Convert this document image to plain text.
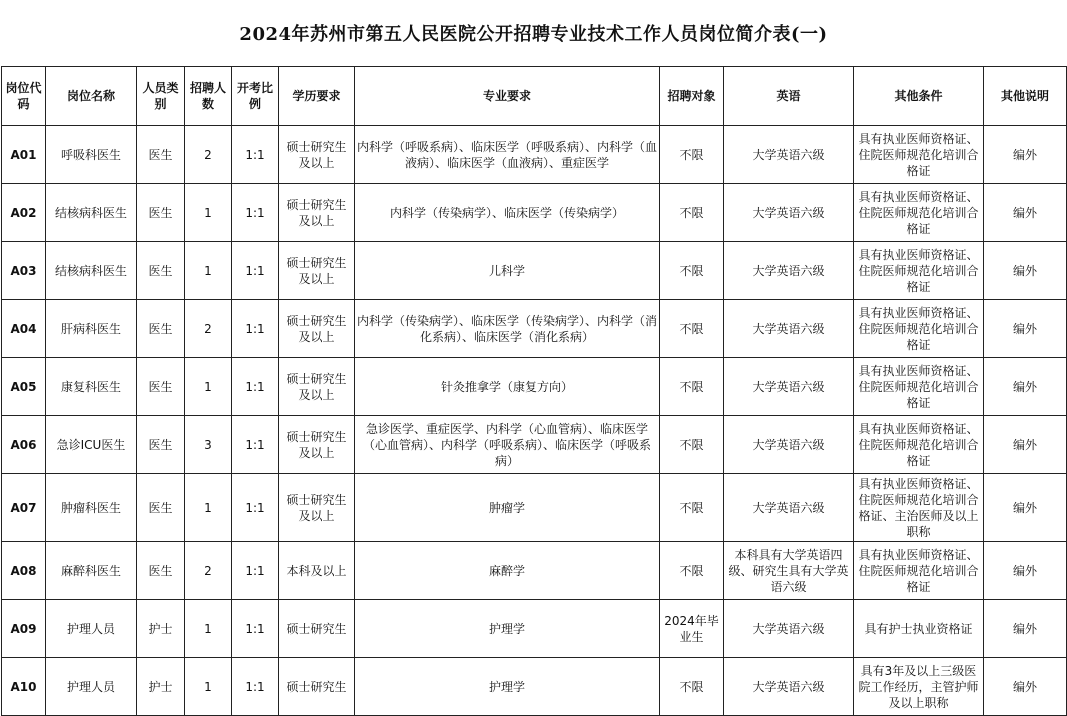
2024年苏州市第五人民医院公开招聘专业技术工作人员岗位简介表(一)
岗位代码	岗位名称	人员类别	招聘人数	开考比例	学历要求	专业要求	招聘对象	英语	其他条件	其他说明
A01	呼吸科医生	医生	2	1:1	硕士研究生及以上	内科学（呼吸系病）、临床医学（呼吸系病）、内科学（血液病）、临床医学（血液病）、重症医学	不限	大学英语六级	具有执业医师资格证、住院医师规范化培训合格证	编外
A02	结核病科医生	医生	1	1:1	硕士研究生及以上	内科学（传染病学）、临床医学（传染病学）	不限	大学英语六级	具有执业医师资格证、住院医师规范化培训合格证	编外
A03	结核病科医生	医生	1	1:1	硕士研究生及以上	儿科学	不限	大学英语六级	具有执业医师资格证、住院医师规范化培训合格证	编外
A04	肝病科医生	医生	2	1:1	硕士研究生及以上	内科学（传染病学）、临床医学（传染病学）、内科学（消化系病）、临床医学（消化系病）	不限	大学英语六级	具有执业医师资格证、住院医师规范化培训合格证	编外
A05	康复科医生	医生	1	1:1	硕士研究生及以上	针灸推拿学（康复方向）	不限	大学英语六级	具有执业医师资格证、住院医师规范化培训合格证	编外
A06	急诊ICU医生	医生	3	1:1	硕士研究生及以上	急诊医学、重症医学、内科学（心血管病）、临床医学（心血管病）、内科学（呼吸系病）、临床医学（呼吸系病）	不限	大学英语六级	具有执业医师资格证、住院医师规范化培训合格证	编外
A07	肿瘤科医生	医生	1	1:1	硕士研究生及以上	肿瘤学	不限	大学英语六级	具有执业医师资格证、住院医师规范化培训合格证、主治医师及以上职称	编外
A08	麻醉科医生	医生	2	1:1	本科及以上	麻醉学	不限	本科具有大学英语四级、研究生具有大学英语六级	具有执业医师资格证、住院医师规范化培训合格证	编外
A09	护理人员	护士	1	1:1	硕士研究生	护理学	2024年毕业生	大学英语六级	具有护士执业资格证	编外
A10	护理人员	护士	1	1:1	硕士研究生	护理学	不限	大学英语六级	具有3年及以上三级医院工作经历，主管护师及以上职称	编外
